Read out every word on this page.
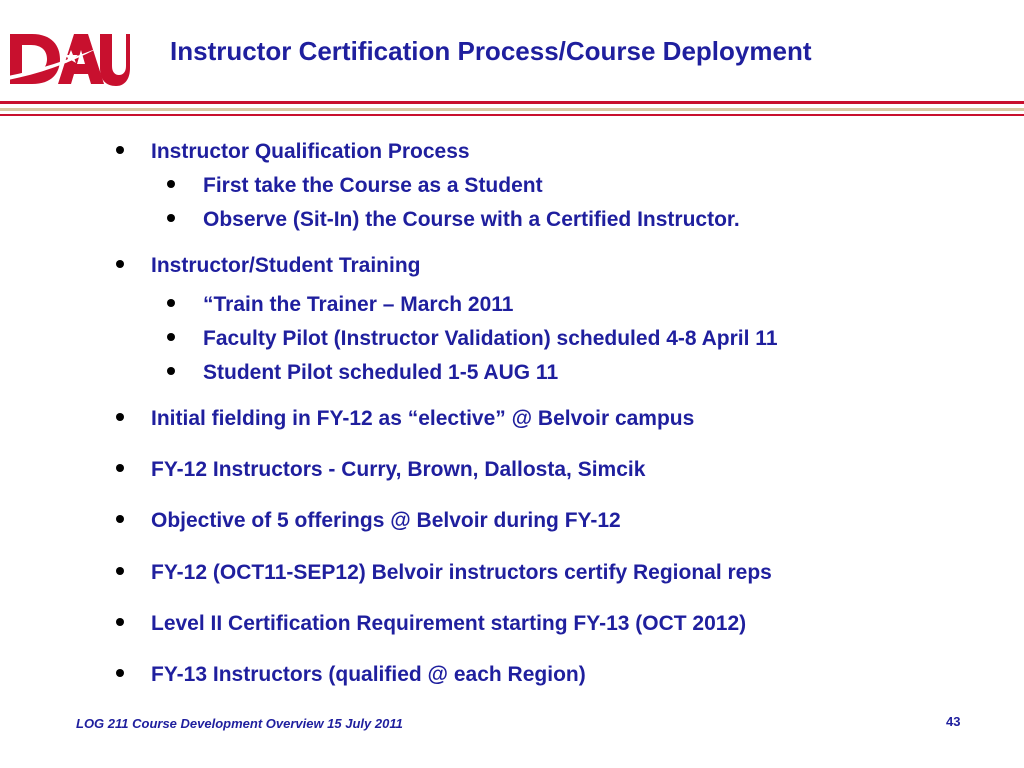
Instructor Certification Process/Course Deployment
Instructor Qualification Process
First take the Course as a Student
Observe (Sit-In) the Course with a Certified Instructor.
Instructor/Student Training
“Train the Trainer – March 2011
Faculty Pilot (Instructor Validation) scheduled 4-8 April 11
Student Pilot scheduled 1-5 AUG 11
Initial fielding in FY-12 as “elective” @ Belvoir campus
FY-12 Instructors - Curry, Brown, Dallosta, Simcik
Objective of 5 offerings @ Belvoir during FY-12
FY-12 (OCT11-SEP12) Belvoir instructors certify Regional reps
Level II Certification Requirement starting FY-13 (OCT 2012)
FY-13 Instructors (qualified @ each Region)
LOG 211 Course Development Overview 15 July 2011	43
